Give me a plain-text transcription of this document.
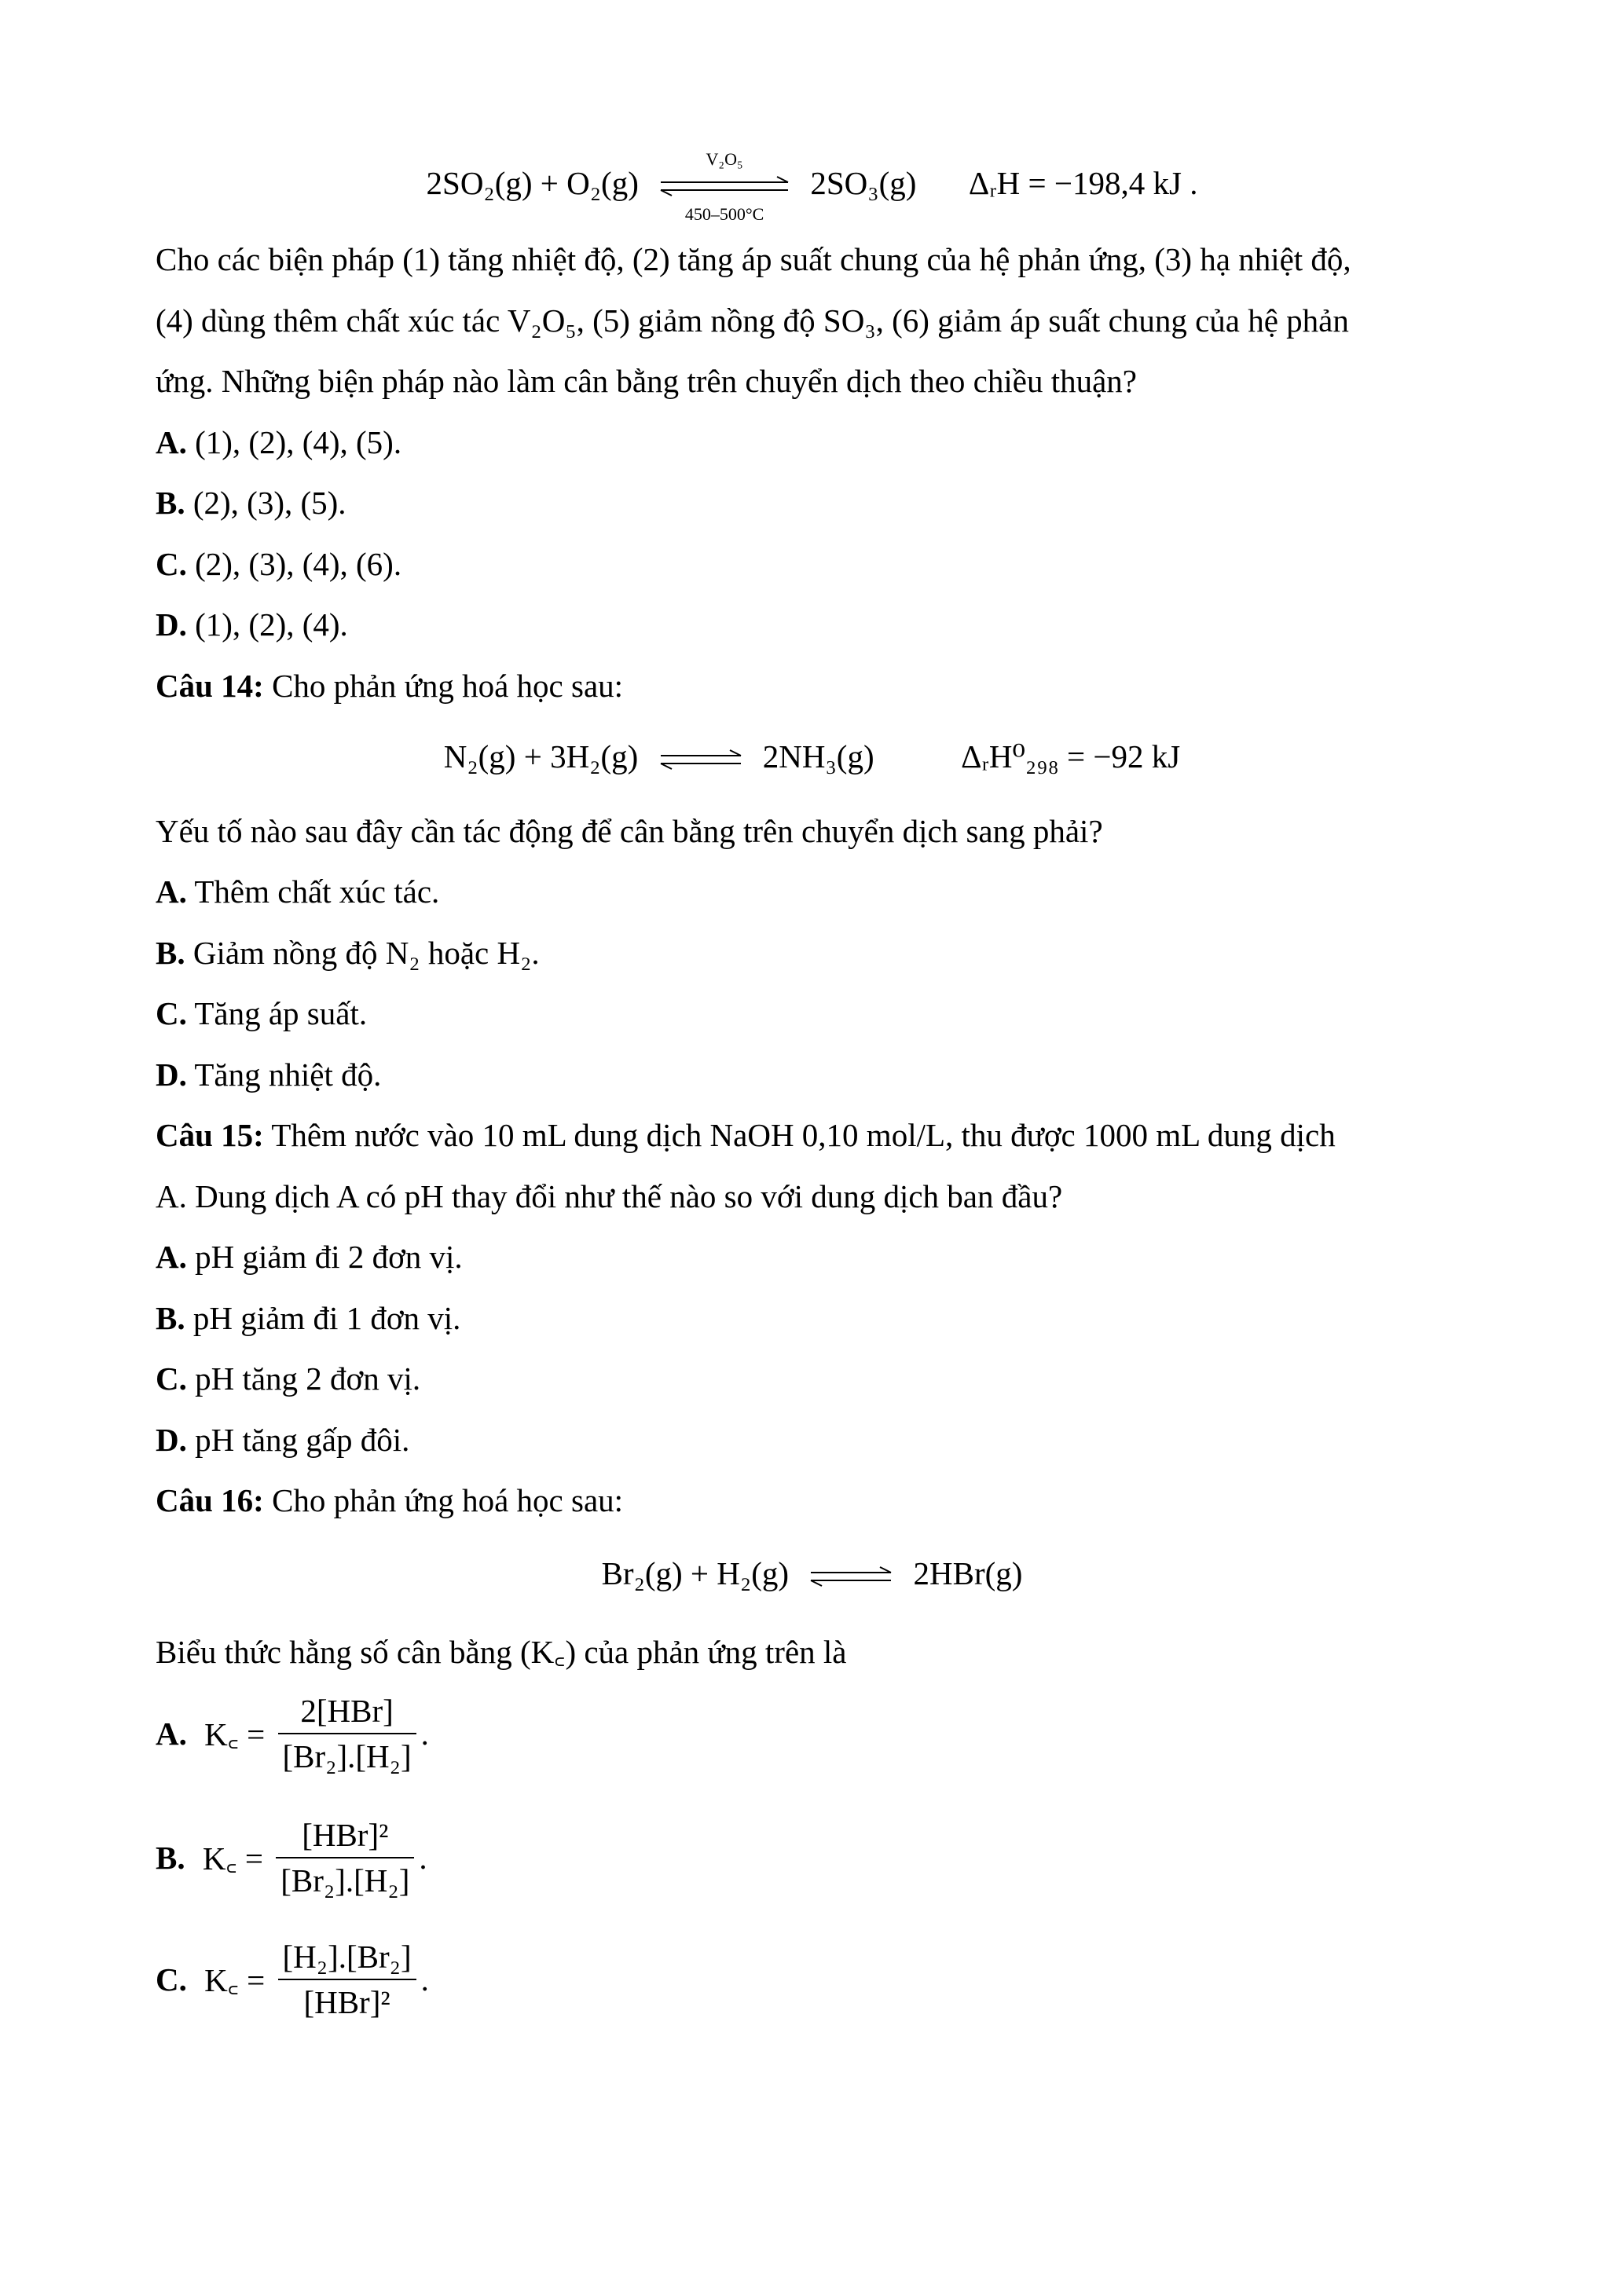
2SO₂(g) + O₂(g)
V₂O₅
450–500°C
2SO₃(g) ΔᵣH = −198,4 kJ .
Cho các biện pháp (1) tăng nhiệt độ, (2) tăng áp suất chung của hệ phản ứng, (3) hạ nhiệt độ,
(4) dùng thêm chất xúc tác V₂O₅, (5) giảm nồng độ SO₃, (6) giảm áp suất chung của hệ phản
ứng. Những biện pháp nào làm cân bằng trên chuyển dịch theo chiều thuận?
A. (1), (2), (4), (5).
B. (2), (3), (5).
C. (2), (3), (4), (6).
D. (1), (2), (4).
Câu 14: Cho phản ứng hoá học sau:
N₂(g) + 3H₂(g) ⇌ 2NH₃(g)	ΔᵣH⁰₂₉₈ = −92 kJ
Yếu tố nào sau đây cần tác động để cân bằng trên chuyển dịch sang phải?
A. Thêm chất xúc tác.
B. Giảm nồng độ N₂ hoặc H₂.
C. Tăng áp suất.
D. Tăng nhiệt độ.
Câu 15: Thêm nước vào 10 mL dung dịch NaOH 0,10 mol/L, thu được 1000 mL dung dịch
A. Dung dịch A có pH thay đổi như thế nào so với dung dịch ban đầu?
A. pH giảm đi 2 đơn vị.
B. pH giảm đi 1 đơn vị.
C. pH tăng 2 đơn vị.
D. pH tăng gấp đôi.
Câu 16: Cho phản ứng hoá học sau:
Br₂(g) + H₂(g) ⇌ 2HBr(g)
Biểu thức hằng số cân bằng (K꜀) của phản ứng trên là
A. K꜀ = $\frac{\text{2[HBr]}}{\text{[Br₂].[H₂]}}$ .
B. K꜀ = $\frac{\text{[HBr]²}}{\text{[Br₂].[H₂]}}$ .
C. K꜀ = $\frac{\text{[H₂].[Br₂]}}{\text{[HBr]²}}$ .
